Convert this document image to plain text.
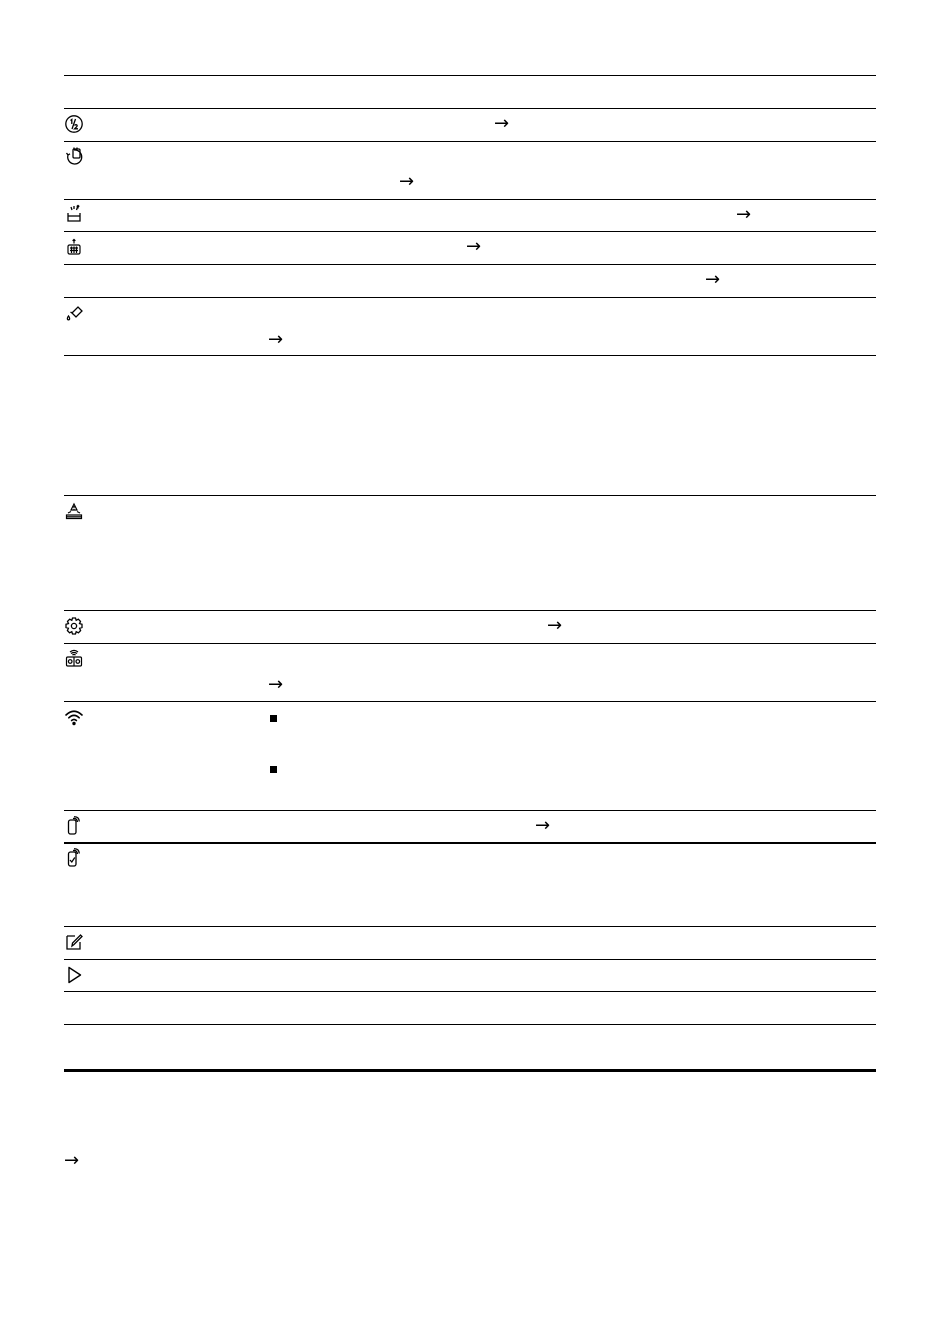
→
→
→
→
→
→
→
→
→
→
